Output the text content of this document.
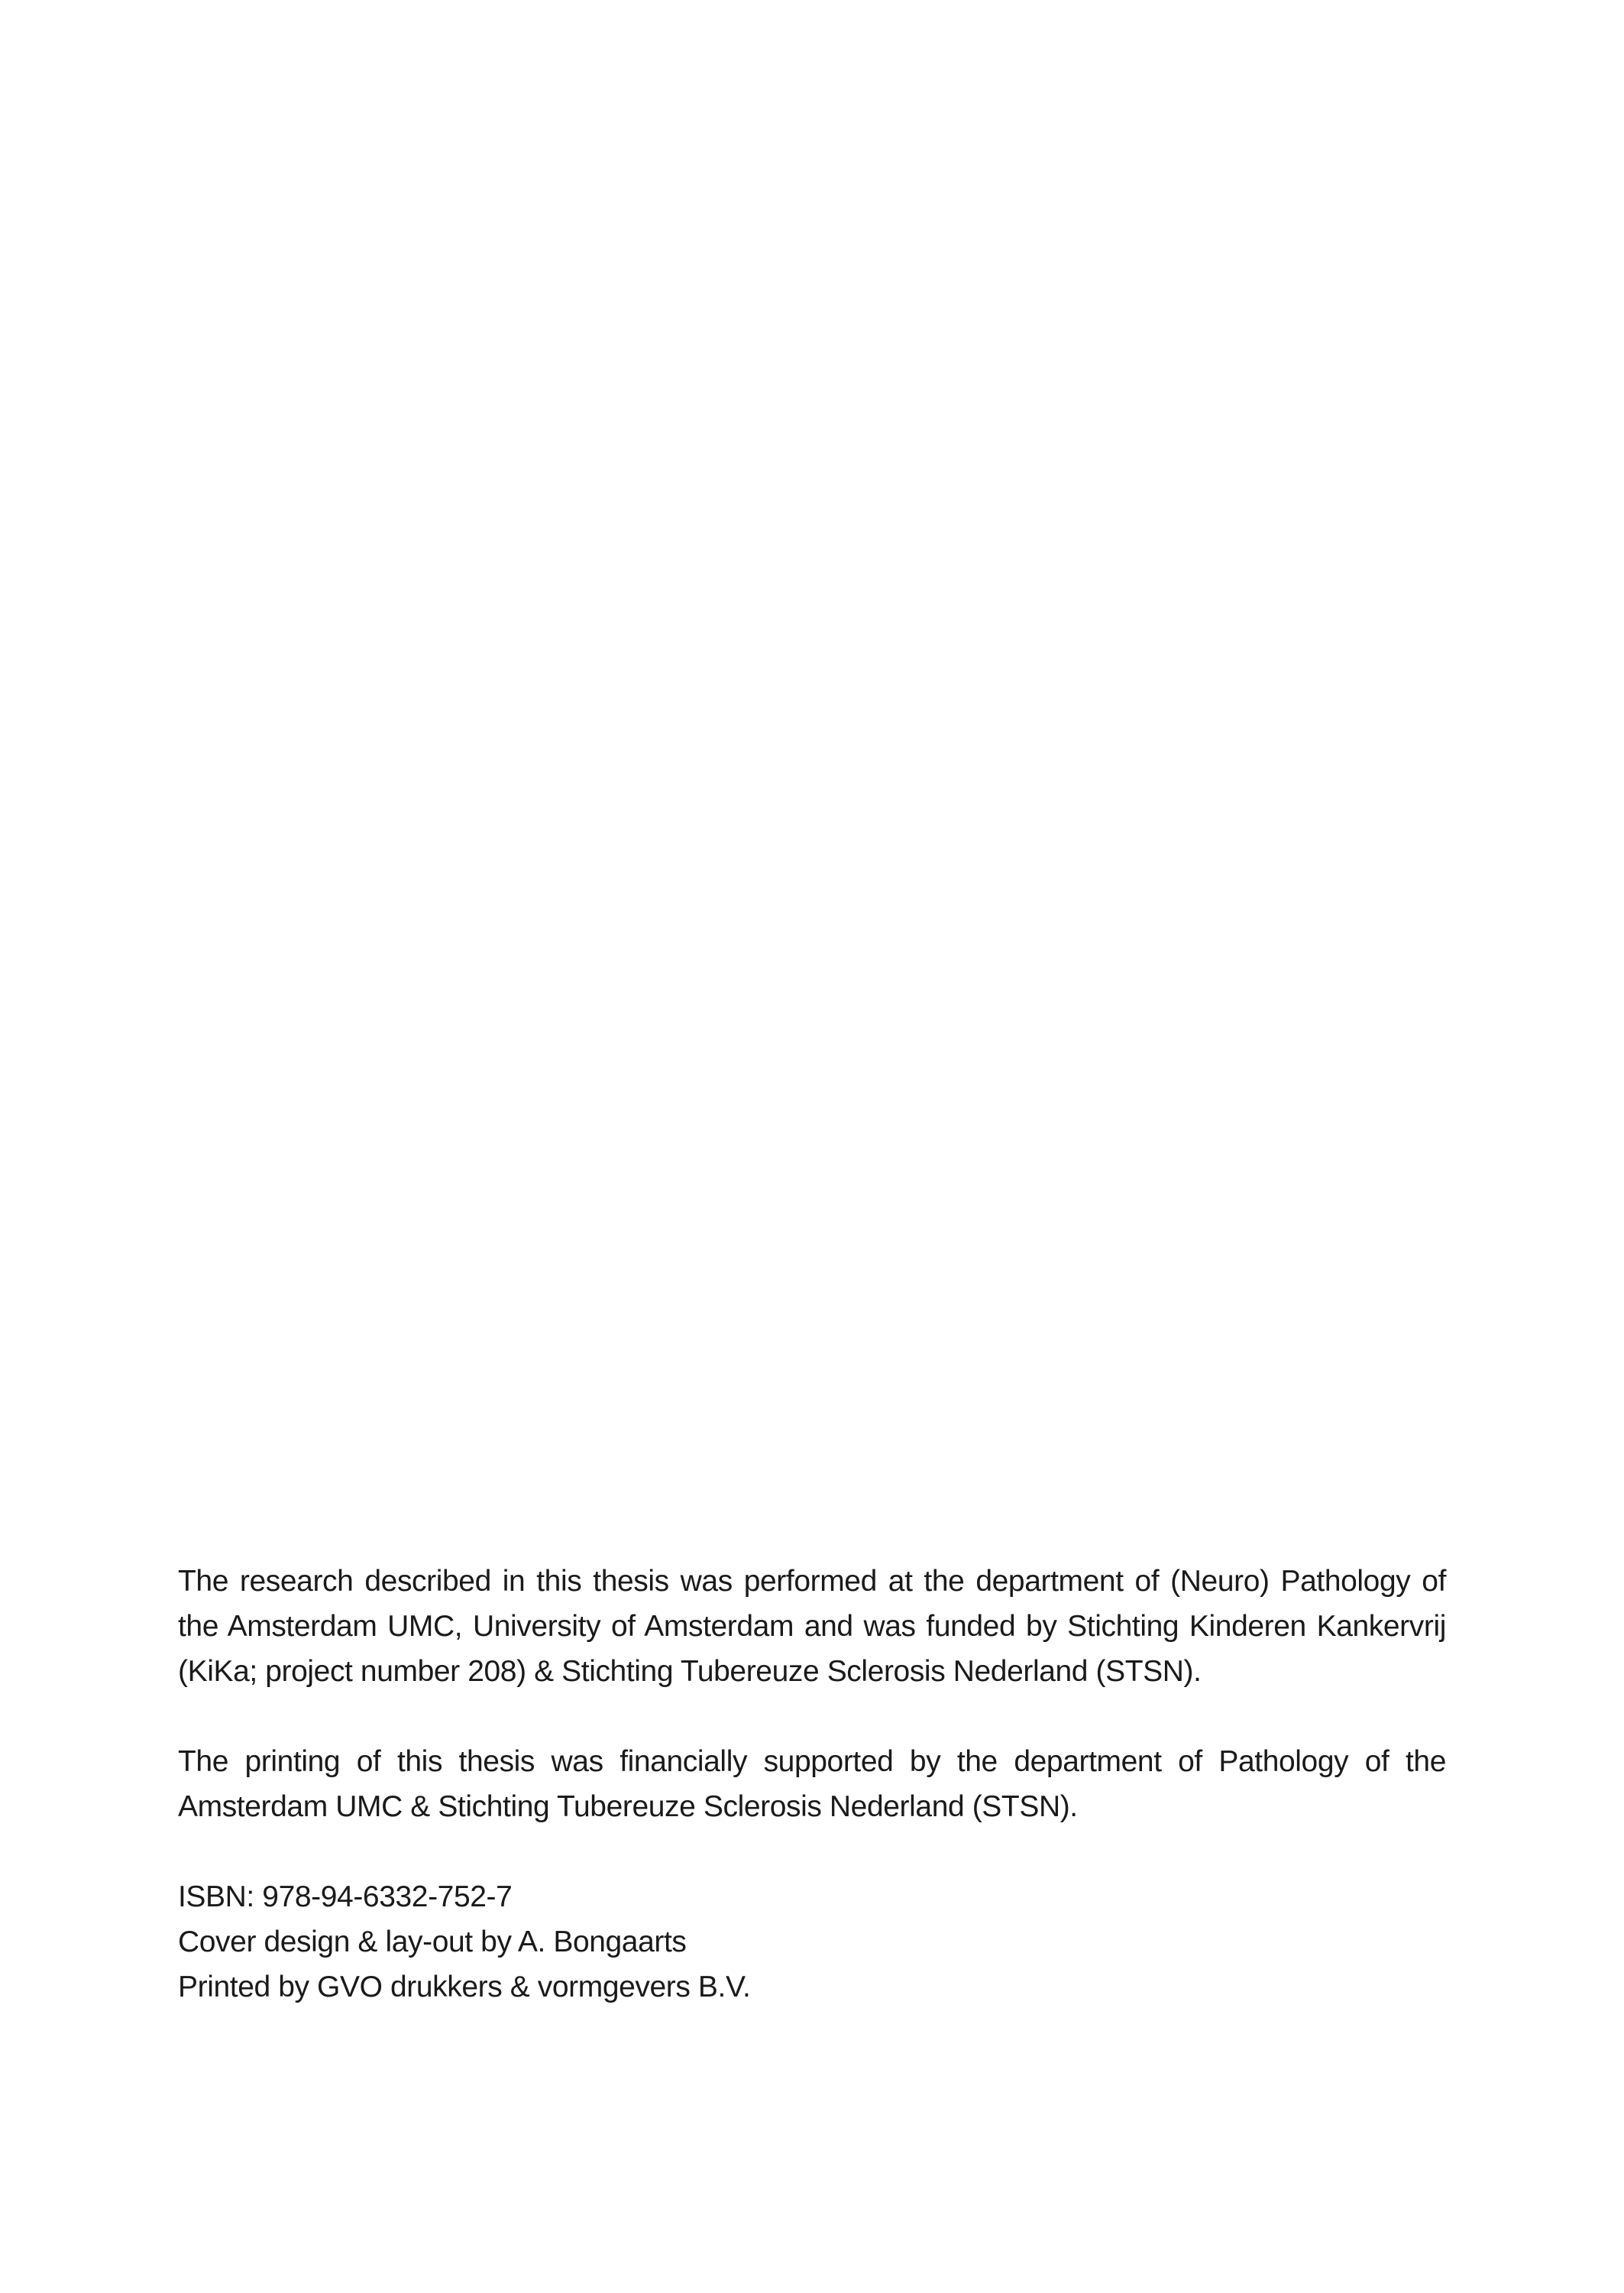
The research described in this thesis was performed at the department of (Neuro) Pathology of the Amsterdam UMC, University of Amsterdam and was funded by Stichting Kinderen Kankervrij (KiKa; project number 208) & Stichting Tubereuze Sclerosis Nederland (STSN).

The printing of this thesis was financially supported by the department of Pathology of the Amsterdam UMC & Stichting Tubereuze Sclerosis Nederland (STSN).

ISBN: 978-94-6332-752-7
Cover design & lay-out by A. Bongaarts
Printed by GVO drukkers & vormgevers B.V.
